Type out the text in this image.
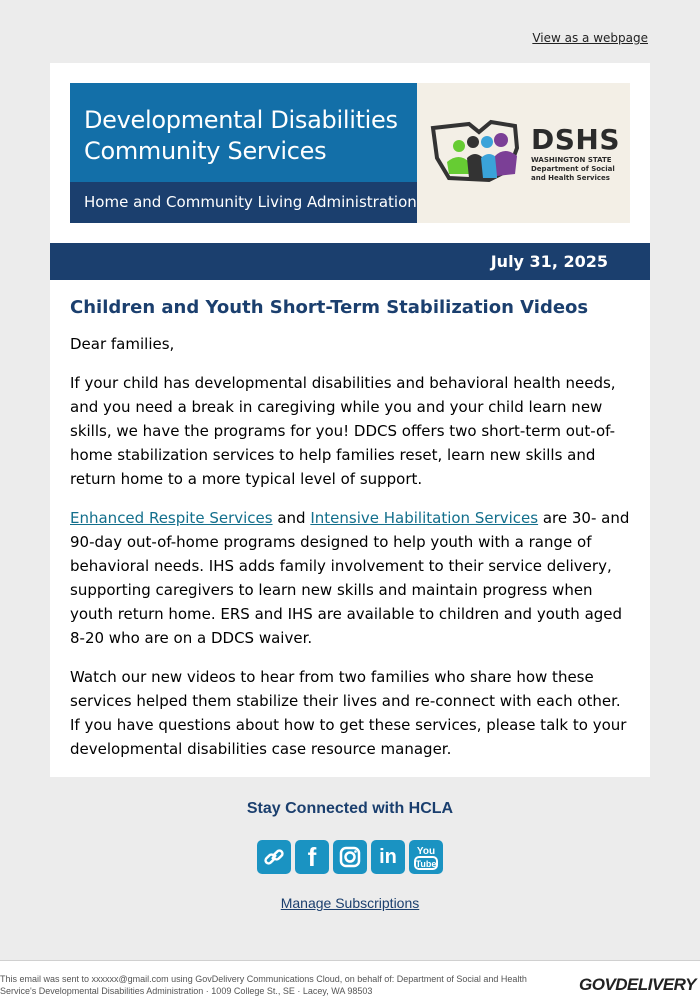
View as a webpage
Developmental Disabilities Community Services
Home and Community Living Administration
DSHS
WASHINGTON STATE Department of Social and Health Services
July 31, 2025
Children and Youth Short-Term Stabilization Videos

Dear families,

If your child has developmental disabilities and behavioral health needs, and you need a break in caregiving while you and your child learn new skills, we have the programs for you! DDCS offers two short-term out-of-home stabilization services to help families reset, learn new skills and return home to a more typical level of support.

Enhanced Respite Services and Intensive Habilitation Services are 30- and 90-day out-of-home programs designed to help youth with a range of behavioral needs. IHS adds family involvement to their service delivery, supporting caregivers to learn new skills and maintain progress when youth return home. ERS and IHS are available to children and youth aged 8-20 who are on a DDCS waiver.

Watch our new videos to hear from two families who share how these services helped them stabilize their lives and re-connect with each other. If you have questions about how to get these services, please talk to your developmental disabilities case resource manager.

Stay Connected with HCLA
f	in	You
Tube
Manage Subscriptions
This email was sent to xxxxxx@gmail.com using GovDelivery Communications Cloud, on behalf of: Department of Social and Health Service's Developmental Disabilities Administration · 1009 College St., SE · Lacey, WA 98503	GOVDELIVERY
